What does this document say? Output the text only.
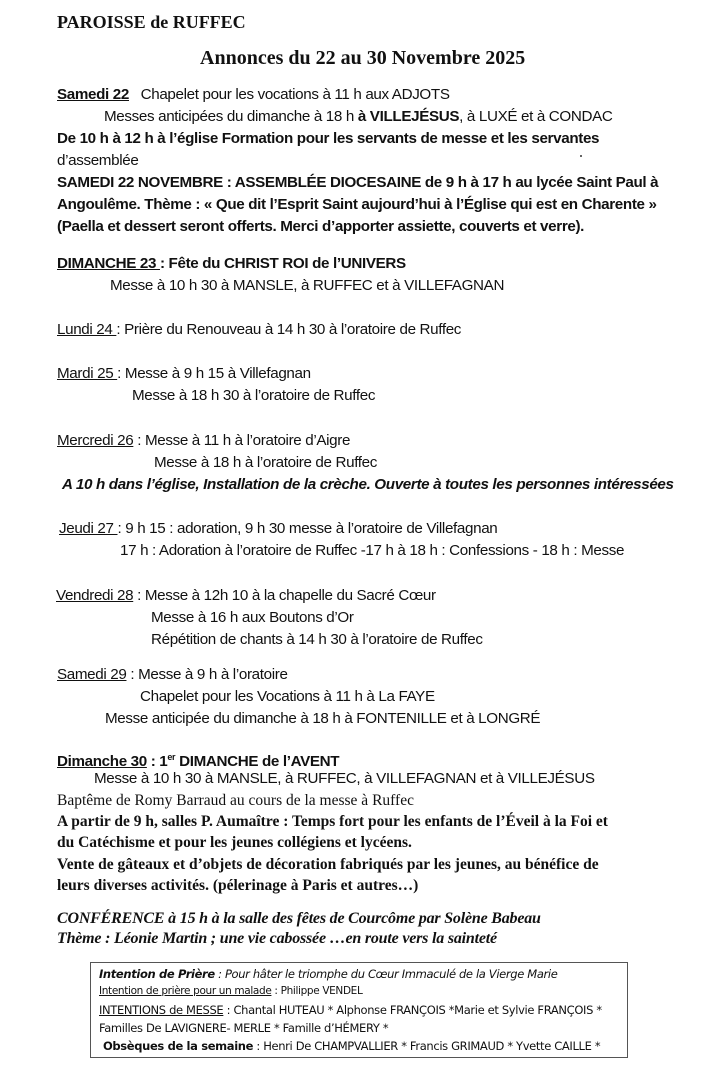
PAROISSE de RUFFEC
Annonces du 22 au 30 Novembre 2025
Samedi 22 Chapelet pour les vocations à 11 h aux ADJOTS
Messes anticipées du dimanche à 18 h à VILLEJÉSUS, à LUXÉ et à CONDAC
De 10 h à 12 h à l’église Formation pour les servants de messe et les servantes
d’assemblée
SAMEDI 22 NOVEMBRE : ASSEMBLÉE DIOCESAINE de 9 h à 17 h au lycée Saint Paul à
Angoulême. Thème : « Que dit l’Esprit Saint aujourd’hui à l’Église qui est en Charente »
(Paella et dessert seront offerts. Merci d’apporter assiette, couverts et verre).
DIMANCHE 23 : Fête du CHRIST ROI de l’UNIVERS
Messe à 10 h 30 à MANSLE, à RUFFEC et à VILLEFAGNAN
Lundi 24 : Prière du Renouveau à 14 h 30 à l’oratoire de Ruffec
Mardi 25 : Messe à 9 h 15 à Villefagnan
Messe à 18 h 30 à l’oratoire de Ruffec
Mercredi 26 : Messe à 11 h à l’oratoire d’Aigre
Messe à 18 h à l’oratoire de Ruffec
A 10 h dans l’église, Installation de la crèche. Ouverte à toutes les personnes intéressées
Jeudi 27 : 9 h 15 : adoration, 9 h 30 messe à l’oratoire de Villefagnan
17 h : Adoration à l’oratoire de Ruffec -17 h à 18 h : Confessions - 18 h : Messe
Vendredi 28 : Messe à 12h 10 à la chapelle du Sacré Cœur
Messe à 16 h aux Boutons d’Or
Répétition de chants à 14 h 30 à l’oratoire de Ruffec
Samedi 29 : Messe à 9 h à l’oratoire
Chapelet pour les Vocations à 11 h à La FAYE
Messe anticipée du dimanche à 18 h à FONTENILLE et à LONGRÉ
Dimanche 30 : 1er DIMANCHE de l’AVENT
Messe à 10 h 30 à MANSLE, à RUFFEC, à VILLEFAGNAN et à VILLEJÉSUS
Baptême de Romy Barraud au cours de la messe à Ruffec
A partir de 9 h, salles P. Aumaître : Temps fort pour les enfants de l’Éveil à la Foi et
du Catéchisme et pour les jeunes collégiens et lycéens.
Vente de gâteaux et d’objets de décoration fabriqués par les jeunes, au bénéfice de
leurs diverses activités. (pélerinage à Paris et autres…)
CONFÉRENCE à 15 h à la salle des fêtes de Courcôme par Solène Babeau
Thème : Léonie Martin ; une vie cabossée …en route vers la sainteté
Intention de Prière : Pour hâter le triomphe du Cœur Immaculé de la Vierge Marie
Intention de prière pour un malade : Philippe VENDEL
INTENTIONS de MESSE : Chantal HUTEAU * Alphonse FRANÇOIS *Marie et Sylvie FRANÇOIS *
Familles De LAVIGNERE- MERLE * Famille d’HÉMERY *
Obsèques de la semaine : Henri De CHAMPVALLIER * Francis GRIMAUD * Yvette CAILLE *
